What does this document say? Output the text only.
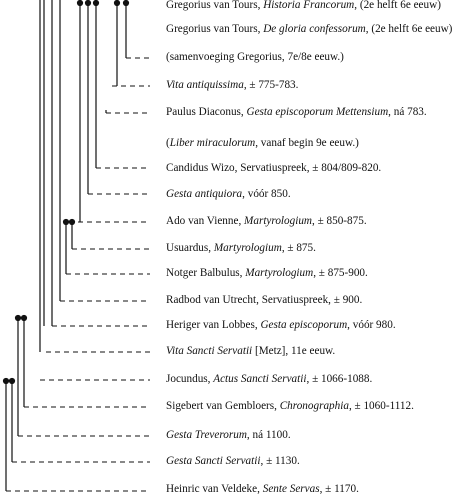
Gregorius van Tours, Historia Francorum, (2e helft 6e eeuw)
Gregorius van Tours, De gloria confessorum, (2e helft 6e eeuw)
(samenvoeging Gregorius, 7e/8e eeuw.)
Vita antiquissima, ± 775-783.
Paulus Diaconus, Gesta episcoporum Mettensium, ná 783.
(Liber miraculorum, vanaf begin 9e eeuw.)
Candidus Wizo, Servatiuspreek, ± 804/809-820.
Gesta antiquiora, vóór 850.
Ado van Vienne, Martyrologium, ± 850-875.
Usuardus, Martyrologium, ± 875.
Notger Balbulus, Martyrologium, ± 875-900.
Radbod van Utrecht, Servatiuspreek, ± 900.
Heriger van Lobbes, Gesta episcoporum, vóór 980.
Vita Sancti Servatii [Metz], 11e eeuw.
Jocundus, Actus Sancti Servatii, ± 1066-1088.
Sigebert van Gembloers, Chronographia, ± 1060-1112.
Gesta Treverorum, ná 1100.
Gesta Sancti Servatii, ± 1130.
Heinric van Veldeke, Sente Servas, ± 1170.
